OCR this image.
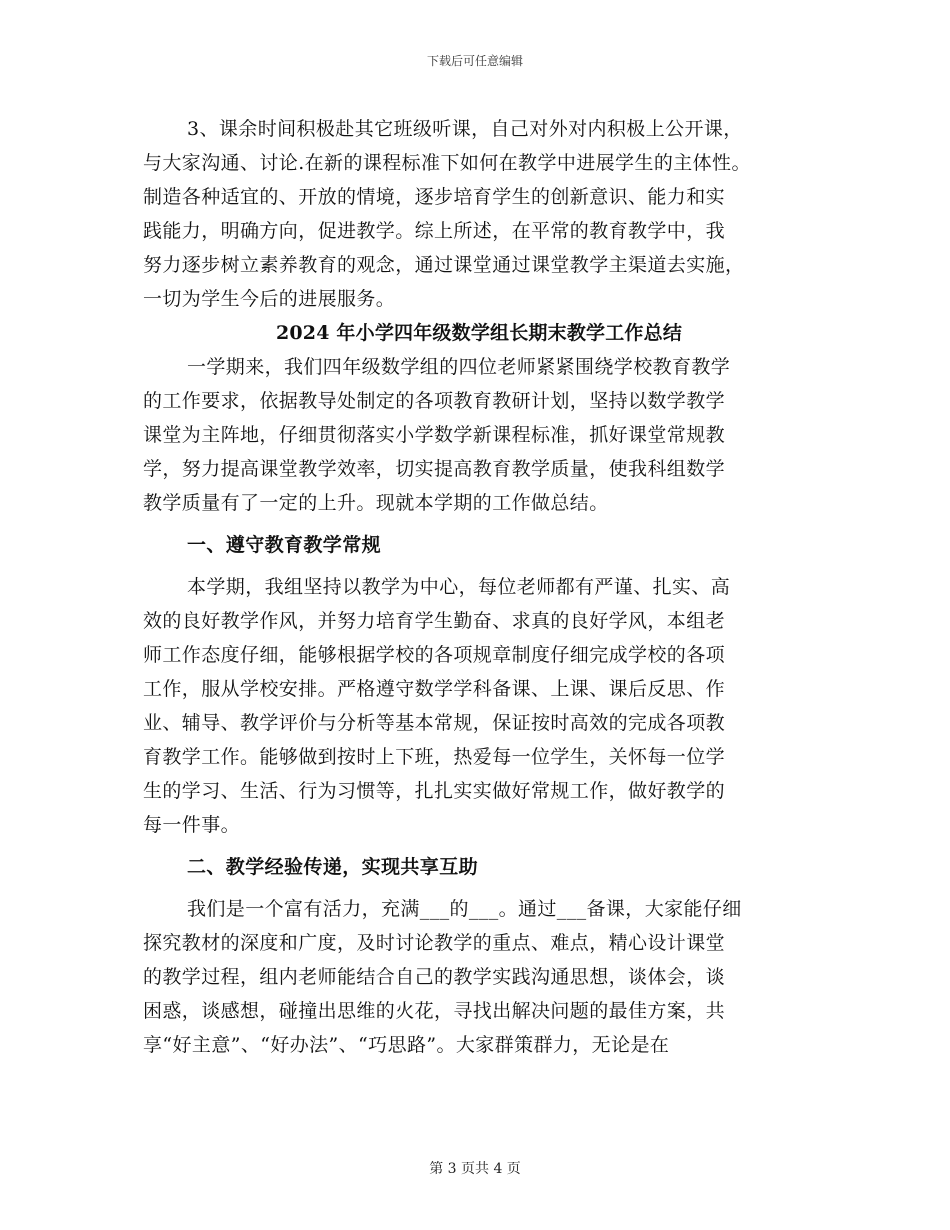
下载后可任意编辑
3、课余时间积极赴其它班级听课，自己对外对内积极上公开课，
与大家沟通、讨论.在新的课程标准下如何在教学中进展学生的主体性。
制造各种适宜的、开放的情境，逐步培育学生的创新意识、能力和实
践能力，明确方向，促进教学。综上所述，在平常的教育教学中，我
努力逐步树立素养教育的观念，通过课堂通过课堂教学主渠道去实施，
一切为学生今后的进展服务。
2024 年小学四年级数学组长期末教学工作总结
一学期来，我们四年级数学组的四位老师紧紧围绕学校教育教学
的工作要求，依据教导处制定的各项教育教研计划，坚持以数学教学
课堂为主阵地，仔细贯彻落实小学数学新课程标准，抓好课堂常规教
学，努力提高课堂教学效率，切实提高教育教学质量，使我科组数学
教学质量有了一定的上升。现就本学期的工作做总结。
一、遵守教育教学常规
本学期，我组坚持以教学为中心，每位老师都有严谨、扎实、高
效的良好教学作风，并努力培育学生勤奋、求真的良好学风，本组老
师工作态度仔细，能够根据学校的各项规章制度仔细完成学校的各项
工作，服从学校安排。严格遵守数学学科备课、上课、课后反思、作
业、辅导、教学评价与分析等基本常规，保证按时高效的完成各项教
育教学工作。能够做到按时上下班，热爱每一位学生，关怀每一位学
生的学习、生活、行为习惯等，扎扎实实做好常规工作，做好教学的
每一件事。
二、教学经验传递，实现共享互助
我们是一个富有活力，充满___的___。通过___备课，大家能仔细
探究教材的深度和广度，及时讨论教学的重点、难点，精心设计课堂
的教学过程，组内老师能结合自己的教学实践沟通思想，谈体会，谈
困惑，谈感想，碰撞出思维的火花，寻找出解决问题的最佳方案，共
享“好主意”、“好办法”、“巧思路”。大家群策群力，无论是在
第 3 页共 4 页
